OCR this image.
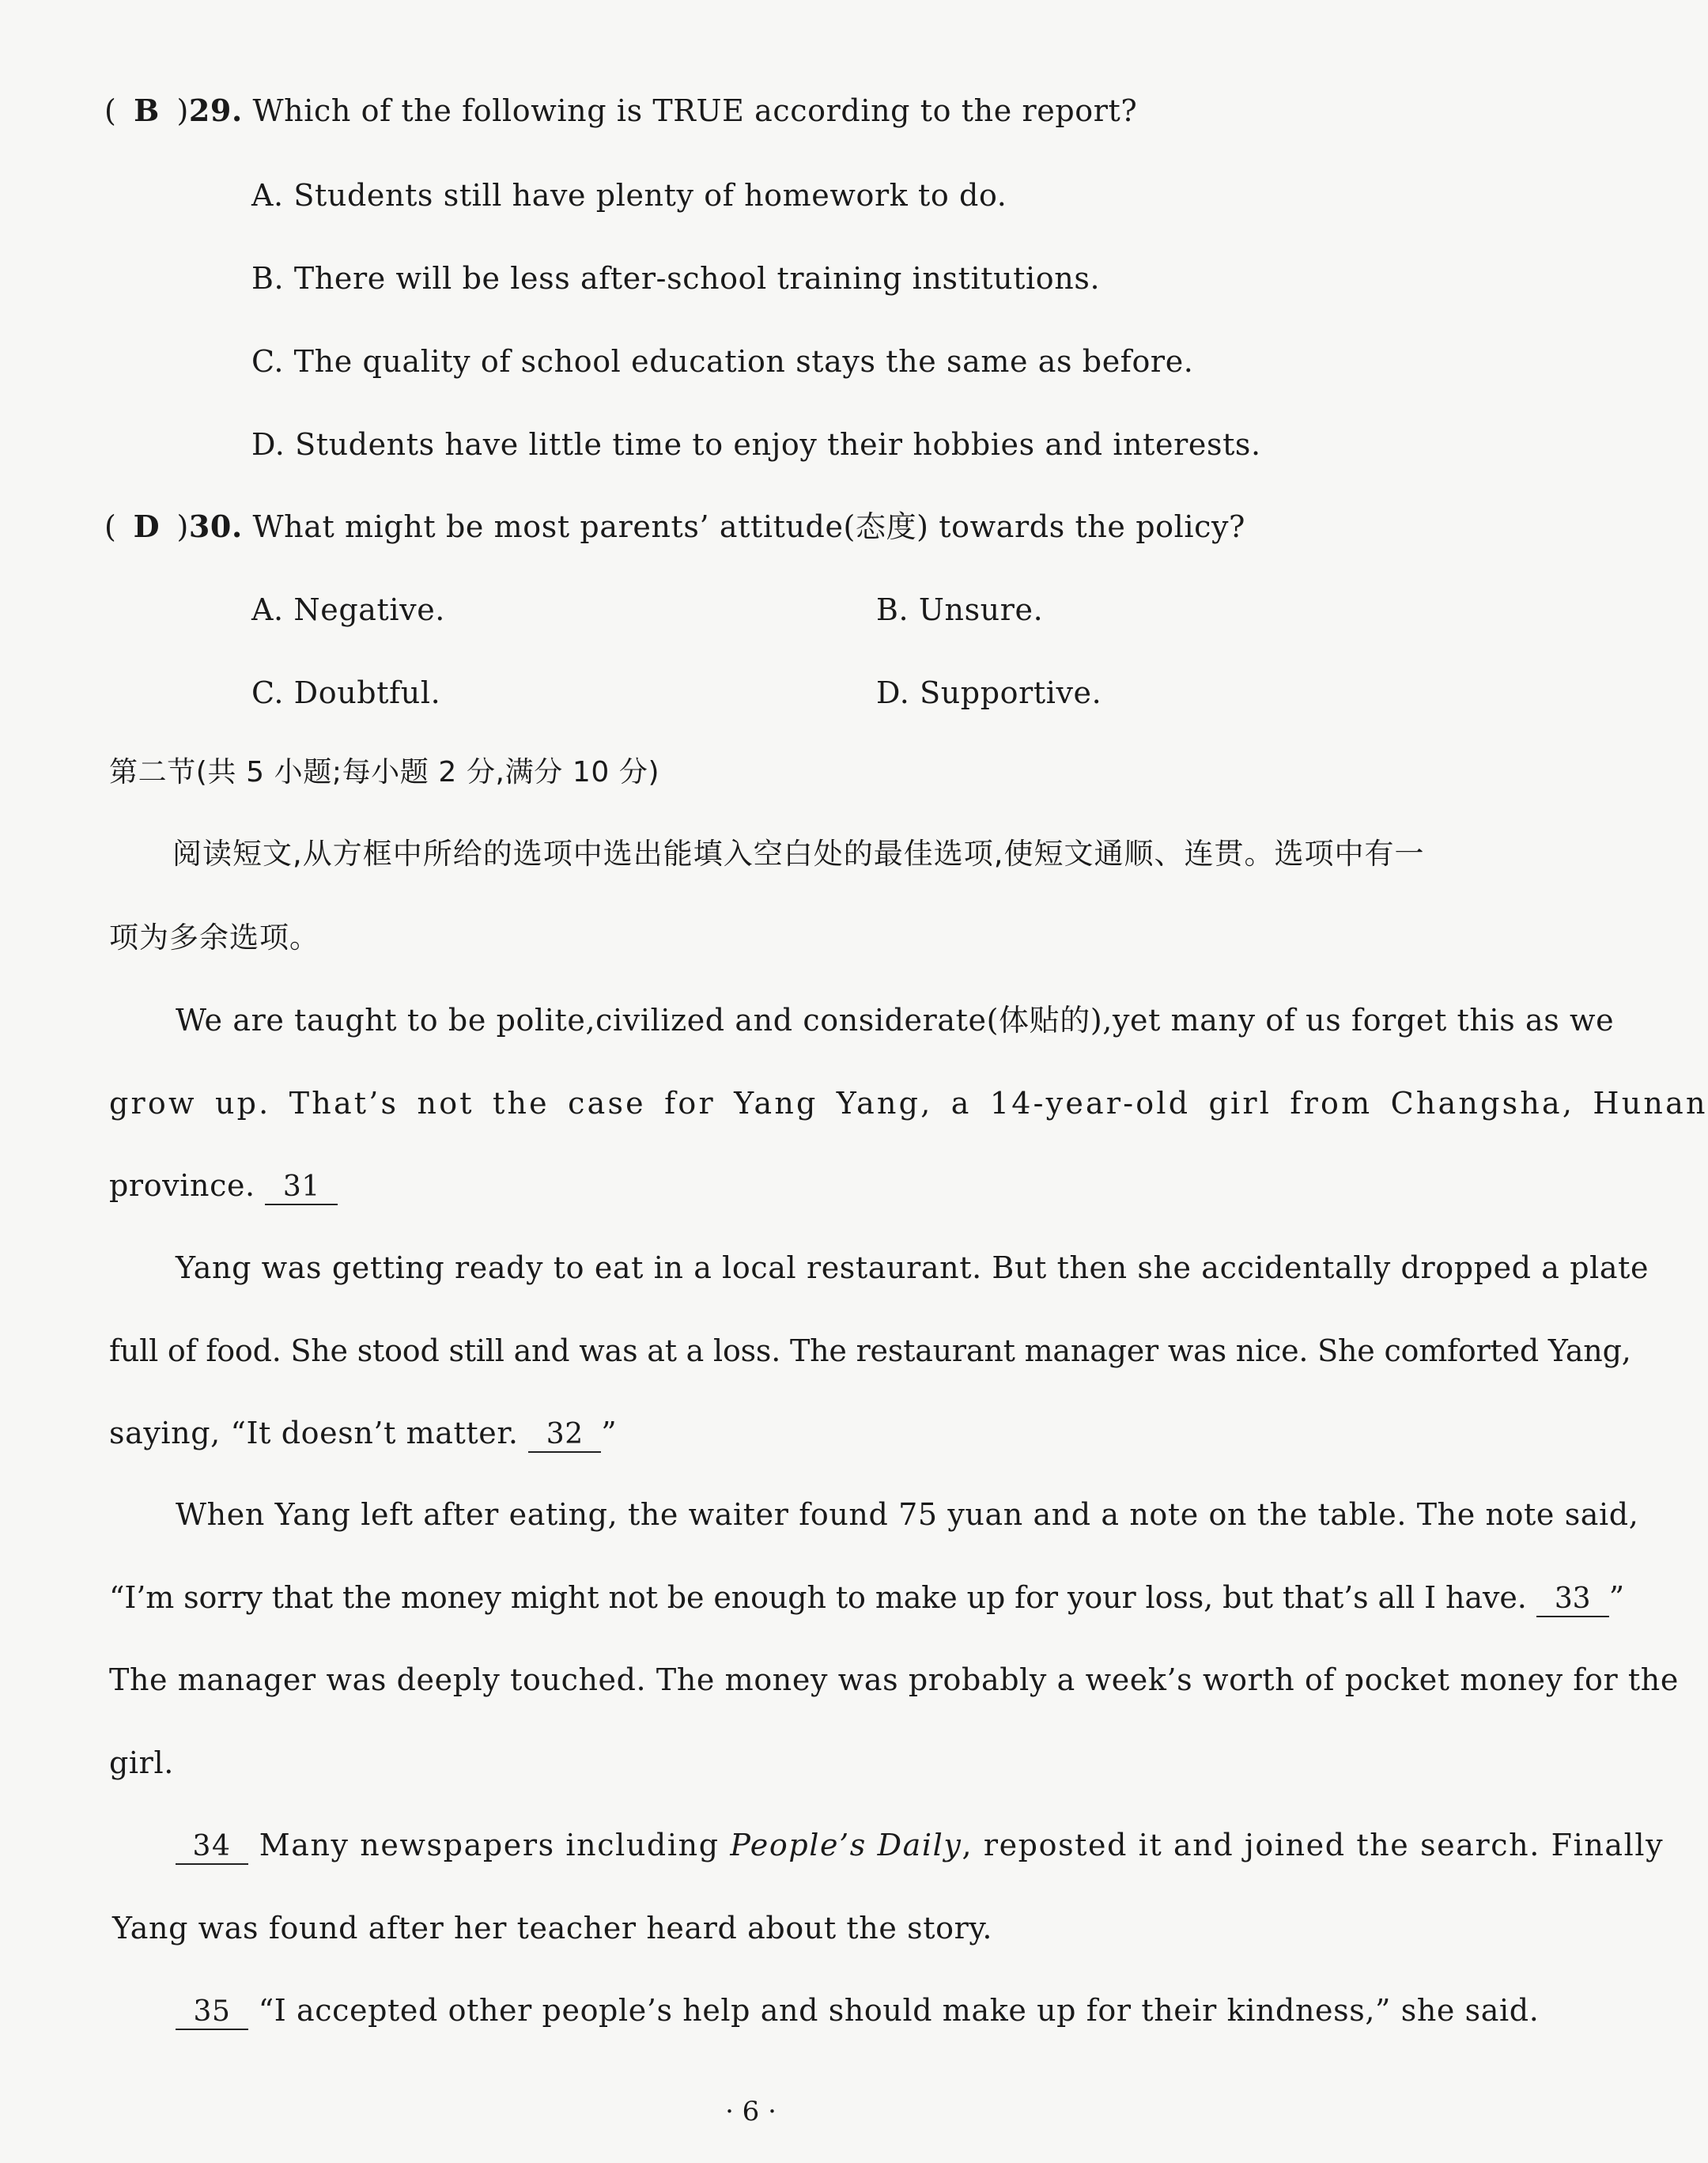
( B )29. Which of the following is TRUE according to the report?
A. Students still have plenty of homework to do.
B. There will be less after-school training institutions.
C. The quality of school education stays the same as before.
D. Students have little time to enjoy their hobbies and interests.
( D )30. What might be most parents’ attitude(态度) towards the policy?
A. Negative.	B. Unsure.
C. Doubtful.	D. Supportive.
第二节(共 5 小题;每小题 2 分,满分 10 分)
阅读短文,从方框中所给的选项中选出能填入空白处的最佳选项,使短文通顺、连贯。选项中有一
项为多余选项。
We are taught to be polite,civilized and considerate(体贴的),yet many of us forget this as we
grow up. That’s not the case for Yang Yang, a 14-year-old girl from Changsha, Hunan
province. 31
Yang was getting ready to eat in a local restaurant. But then she accidentally dropped a plate
full of food. She stood still and was at a loss. The restaurant manager was nice. She comforted Yang,
saying, “It doesn’t matter. 32 ”
When Yang left after eating, the waiter found 75 yuan and a note on the table. The note said,
“I’m sorry that the money might not be enough to make up for your loss, but that’s all I have. 33 ”
The manager was deeply touched. The money was probably a week’s worth of pocket money for the
girl.
34 Many newspapers including People’s Daily, reposted it and joined the search. Finally
Yang was found after her teacher heard about the story.
35 “I accepted other people’s help and should make up for their kindness,” she said.
· 6 ·
